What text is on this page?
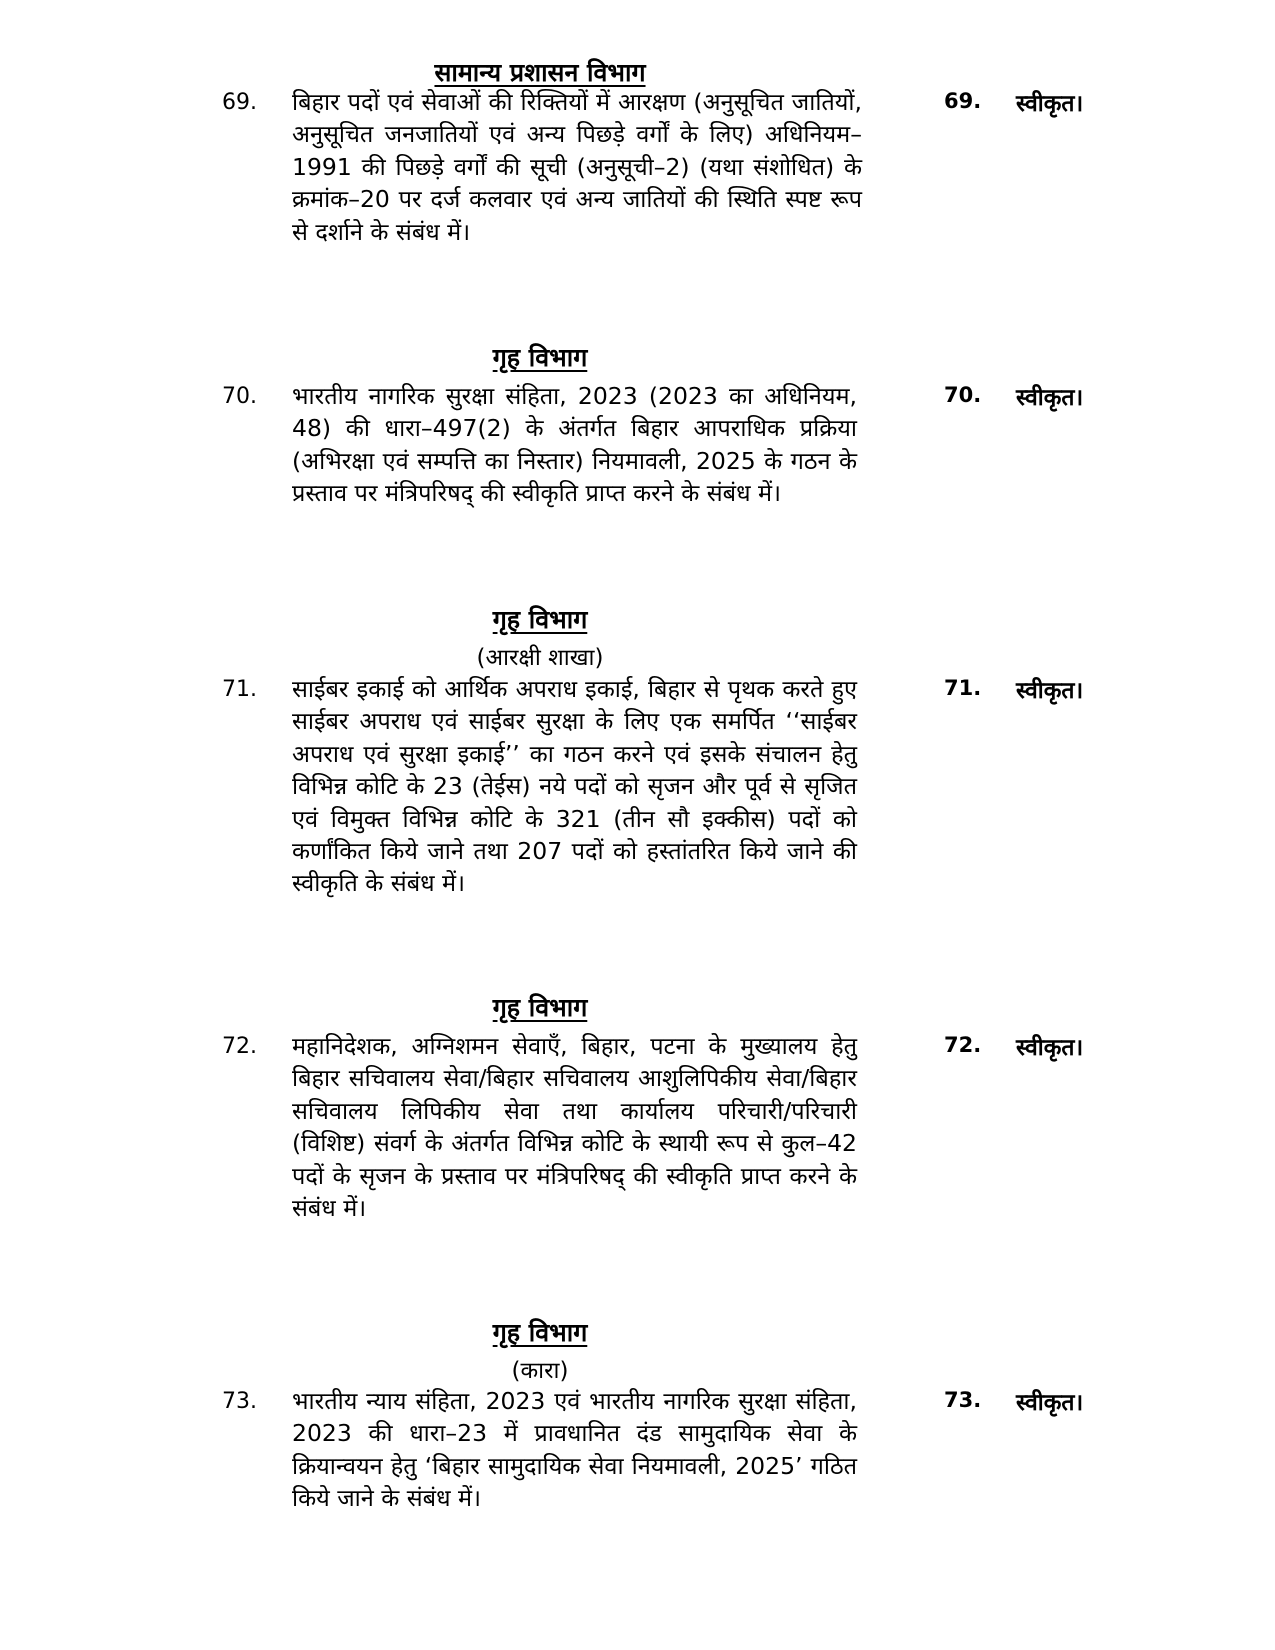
सामान्य प्रशासन विभाग
69. बिहार पदों एवं सेवाओं की रिक्तियों में आरक्षण (अनुसूचित जातियों, अनुसूचित जनजातियों एवं अन्य पिछड़े वर्गों के लिए) अधिनियम–1991 की पिछड़े वर्गों की सूची (अनुसूची–2) (यथा संशोधित) के क्रमांक–20 पर दर्ज कलवार एवं अन्य जातियों की स्थिति स्पष्ट रूप से दर्शाने के संबंध में।
69. स्वीकृत।
गृह विभाग
70. भारतीय नागरिक सुरक्षा संहिता, 2023 (2023 का अधिनियम, 48) की धारा–497(2) के अंतर्गत बिहार आपराधिक प्रक्रिया (अभिरक्षा एवं सम्पत्ति का निस्तार) नियमावली, 2025 के गठन के प्रस्ताव पर मंत्रिपरिषद् की स्वीकृति प्राप्त करने के संबंध में।
70. स्वीकृत।
गृह विभाग
(आरक्षी शाखा)
71. साईबर इकाई को आर्थिक अपराध इकाई, बिहार से पृथक करते हुए साईबर अपराध एवं साईबर सुरक्षा के लिए एक समर्पित ‘‘साईबर अपराध एवं सुरक्षा इकाई’’ का गठन करने एवं इसके संचालन हेतु विभिन्न कोटि के 23 (तेईस) नये पदों को सृजन और पूर्व से सृजित एवं विमुक्त विभिन्न कोटि के 321 (तीन सौ इक्कीस) पदों को कर्णांकित किये जाने तथा 207 पदों को हस्तांतरित किये जाने की स्वीकृति के संबंध में।
71. स्वीकृत।
गृह विभाग
72. महानिदेशक, अग्निशमन सेवाएँ, बिहार, पटना के मुख्यालय हेतु बिहार सचिवालय सेवा/बिहार सचिवालय आशुलिपिकीय सेवा/बिहार सचिवालय लिपिकीय सेवा तथा कार्यालय परिचारी/परिचारी (विशिष्ट) संवर्ग के अंतर्गत विभिन्न कोटि के स्थायी रूप से कुल–42 पदों के सृजन के प्रस्ताव पर मंत्रिपरिषद् की स्वीकृति प्राप्त करने के संबंध में।
72. स्वीकृत।
गृह विभाग
(कारा)
73. भारतीय न्याय संहिता, 2023 एवं भारतीय नागरिक सुरक्षा संहिता, 2023 की धारा–23 में प्रावधानित दंड सामुदायिक सेवा के क्रियान्वयन हेतु ‘बिहार सामुदायिक सेवा नियमावली, 2025’ गठित किये जाने के संबंध में।
73. स्वीकृत।
